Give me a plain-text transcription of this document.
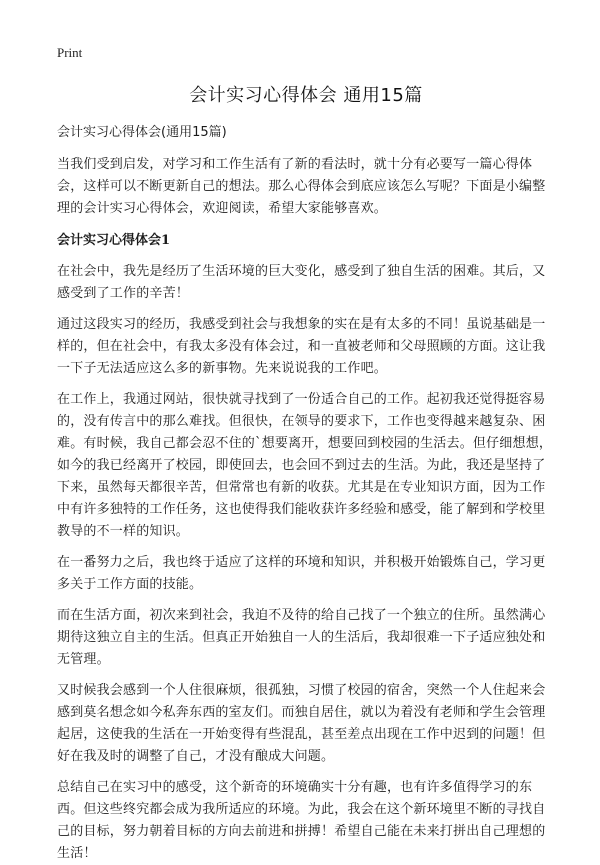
Print

会计实习心得体会 通用15篇

会计实习心得体会(通用15篇)

当我们受到启发，对学习和工作生活有了新的看法时，就十分有必要写一篇心得体会，这样可以不断更新自己的想法。那么心得体会到底应该怎么写呢？下面是小编整理的会计实习心得体会，欢迎阅读，希望大家能够喜欢。

会计实习心得体会1

在社会中，我先是经历了生活环境的巨大变化，感受到了独自生活的困难。其后，又感受到了工作的辛苦！

通过这段实习的经历，我感受到社会与我想象的实在是有太多的不同！虽说基础是一样的，但在社会中，有我太多没有体会过，和一直被老师和父母照顾的方面。这让我一下子无法适应这么多的新事物。先来说说我的工作吧。

在工作上，我通过网站，很快就寻找到了一份适合自己的工作。起初我还觉得挺容易的，没有传言中的那么难找。但很快，在领导的要求下，工作也变得越来越复杂、困难。有时候，我自己都会忍不住的`想要离开，想要回到校园的生活去。但仔细想想，如今的我已经离开了校园，即使回去，也会回不到过去的生活。为此，我还是坚持了下来，虽然每天都很辛苦，但常常也有新的收获。尤其是在专业知识方面，因为工作中有许多独特的工作任务，这也使得我们能收获许多经验和感受，能了解到和学校里教导的不一样的知识。

在一番努力之后，我也终于适应了这样的环境和知识，并积极开始锻炼自己，学习更多关于工作方面的技能。

而在生活方面，初次来到社会，我迫不及待的给自己找了一个独立的住所。虽然满心期待这独立自主的生活。但真正开始独自一人的生活后，我却很难一下子适应独处和无管理。

又时候我会感到一个人住很麻烦，很孤独，习惯了校园的宿舍，突然一个人住起来会感到莫名想念如今私奔东西的室友们。而独自居住，就以为着没有老师和学生会管理起居，这使我的生活在一开始变得有些混乱，甚至差点出现在工作中迟到的问题！但好在我及时的调整了自己，才没有酿成大问题。

总结自己在实习中的感受，这个新奇的环境确实十分有趣，也有许多值得学习的东西。但这些终究都会成为我所适应的环境。为此，我会在这个新环境里不断的寻找自己的目标，努力朝着目标的方向去前进和拼搏！希望自己能在未来打拼出自己理想的生活！
